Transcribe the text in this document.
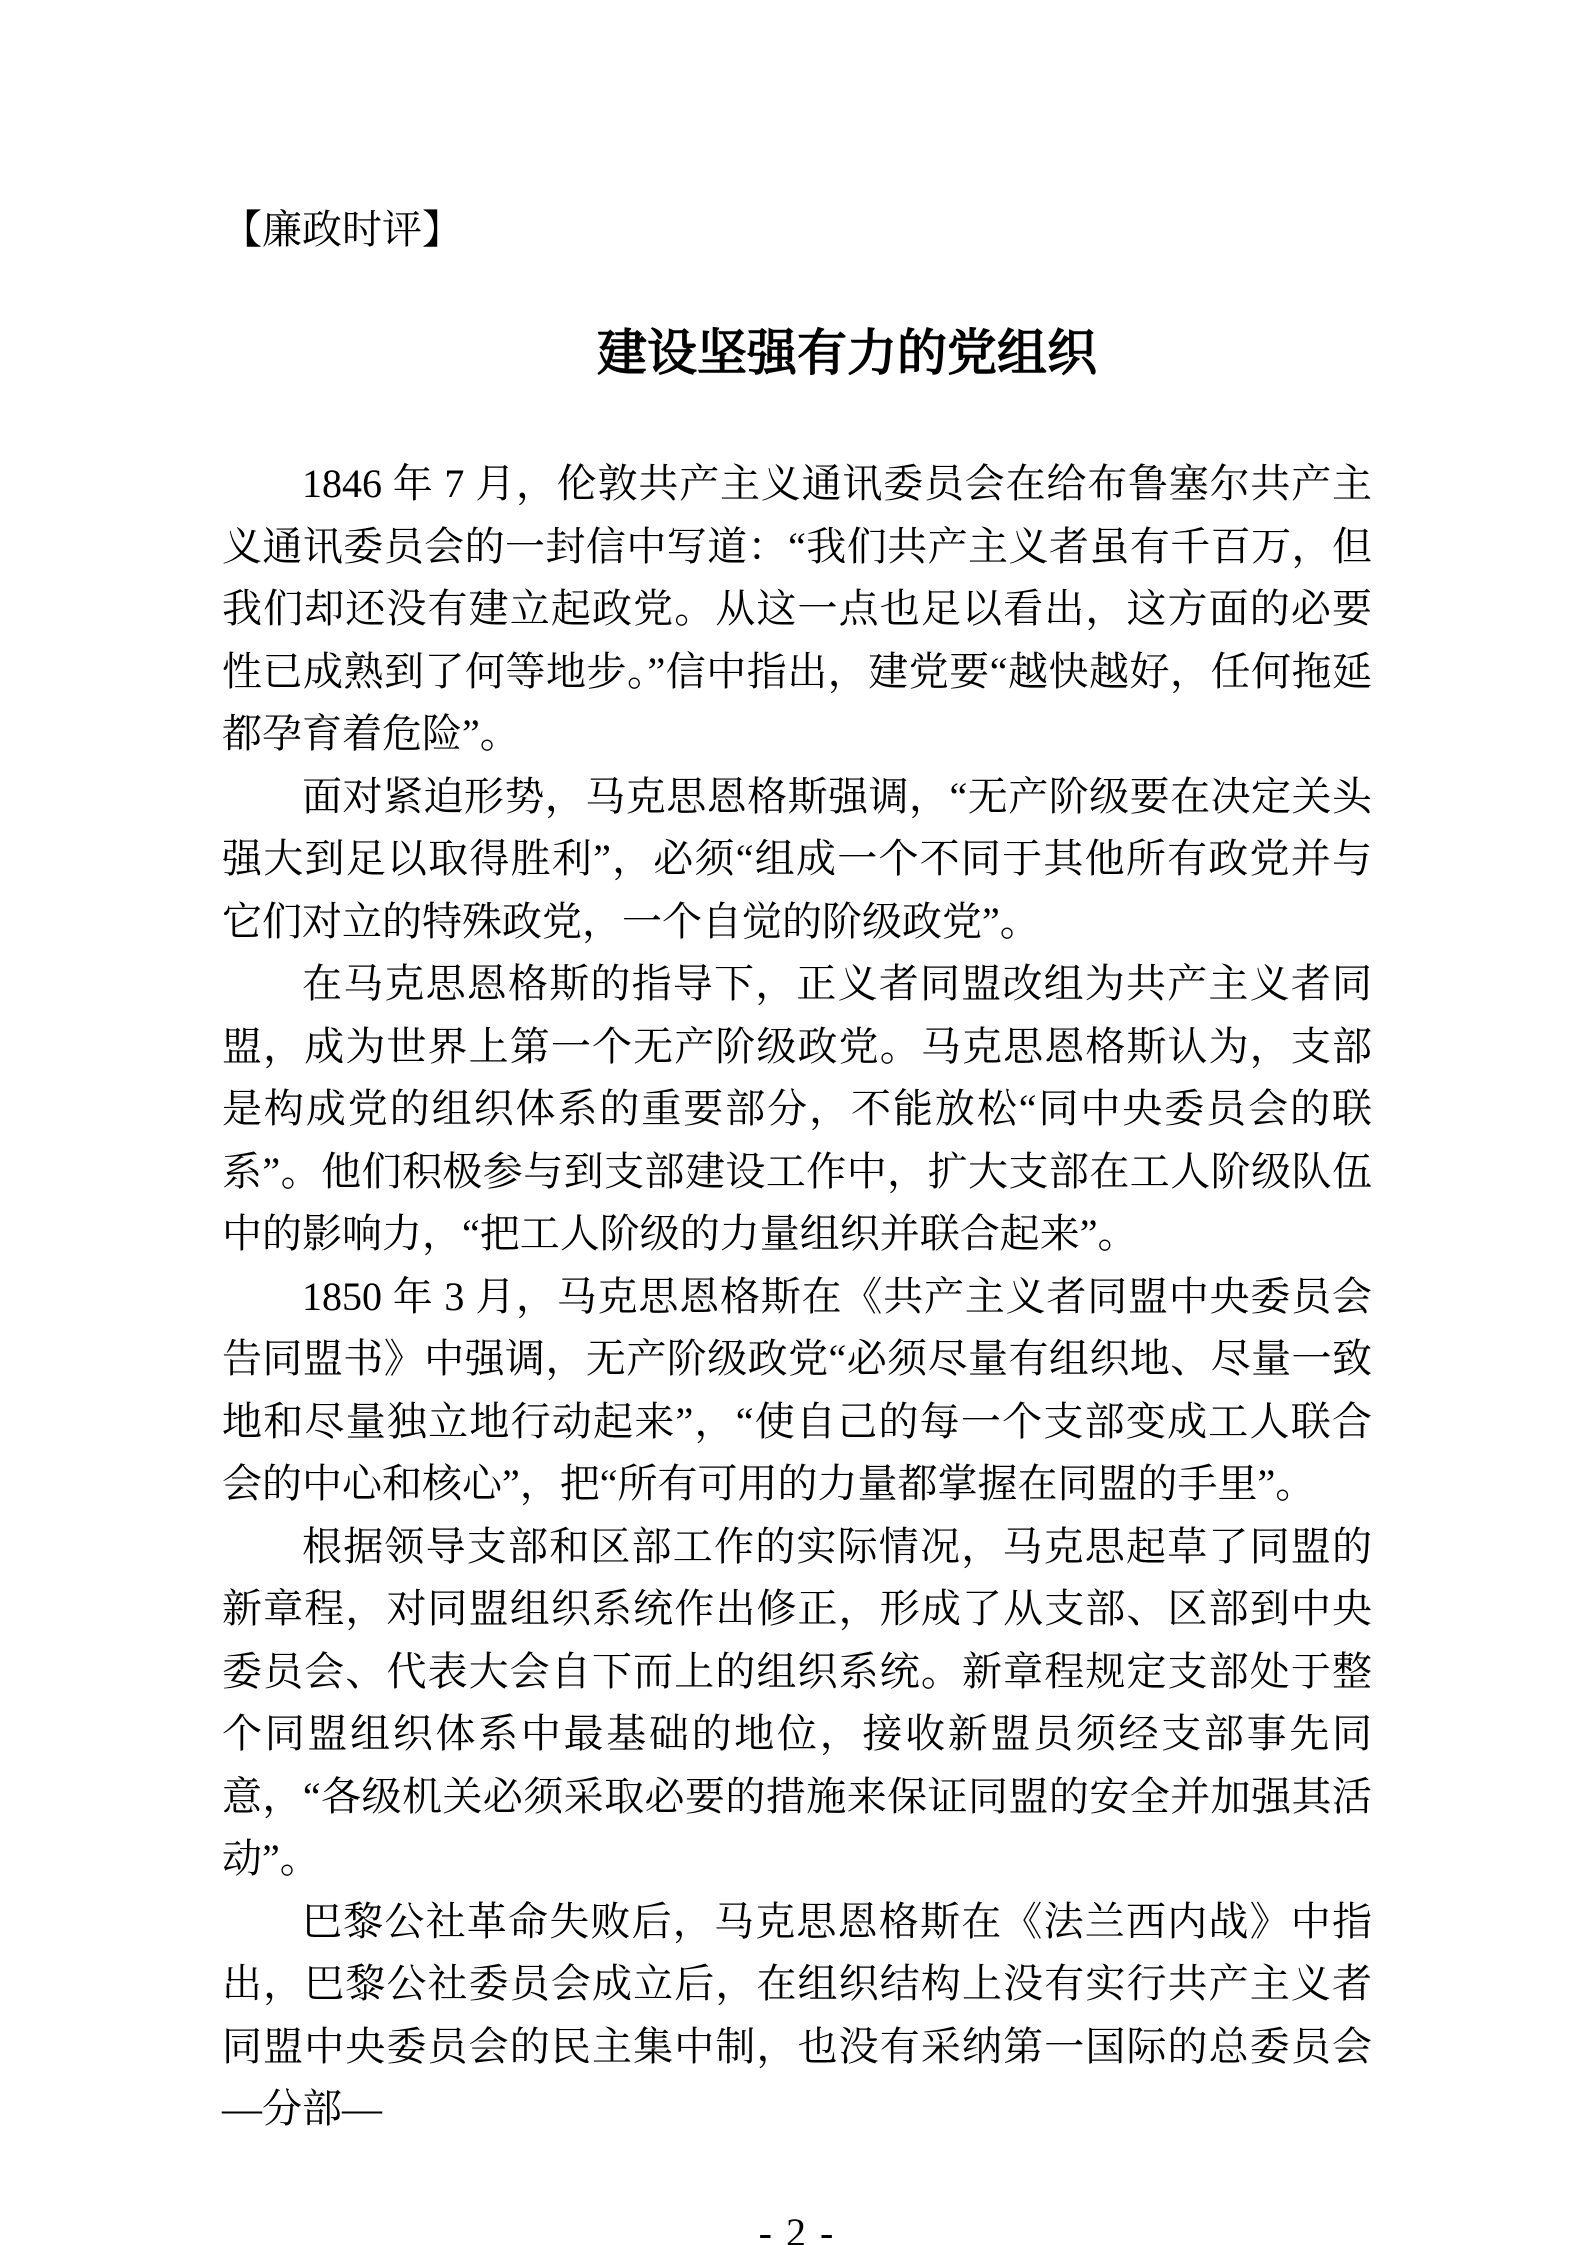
【廉政时评】
建设坚强有力的党组织

1846 年 7 月，伦敦共产主义通讯委员会在给布鲁塞尔共产主义通讯委员会的一封信中写道：“我们共产主义者虽有千百万，但我们却还没有建立起政党。从这一点也足以看出，这方面的必要性已成熟到了何等地步。”信中指出，建党要“越快越好，任何拖延都孕育着危险”。

面对紧迫形势，马克思恩格斯强调，“无产阶级要在决定关头强大到足以取得胜利”，必须“组成一个不同于其他所有政党并与它们对立的特殊政党，一个自觉的阶级政党”。

在马克思恩格斯的指导下，正义者同盟改组为共产主义者同盟，成为世界上第一个无产阶级政党。马克思恩格斯认为，支部是构成党的组织体系的重要部分，不能放松“同中央委员会的联系”。他们积极参与到支部建设工作中，扩大支部在工人阶级队伍中的影响力，“把工人阶级的力量组织并联合起来”。

1850 年 3 月，马克思恩格斯在《共产主义者同盟中央委员会告同盟书》中强调，无产阶级政党“必须尽量有组织地、尽量一致地和尽量独立地行动起来”，“使自己的每一个支部变成工人联合会的中心和核心”，把“所有可用的力量都掌握在同盟的手里”。

根据领导支部和区部工作的实际情况，马克思起草了同盟的新章程，对同盟组织系统作出修正，形成了从支部、区部到中央委员会、代表大会自下而上的组织系统。新章程规定支部处于整个同盟组织体系中最基础的地位，接收新盟员须经支部事先同意，“各级机关必须采取必要的措施来保证同盟的安全并加强其活动”。

巴黎公社革命失败后，马克思恩格斯在《法兰西内战》中指出，巴黎公社委员会成立后，在组织结构上没有实行共产主义者同盟中央委员会的民主集中制，也没有采纳第一国际的总委员会—分部—

- 2 -
